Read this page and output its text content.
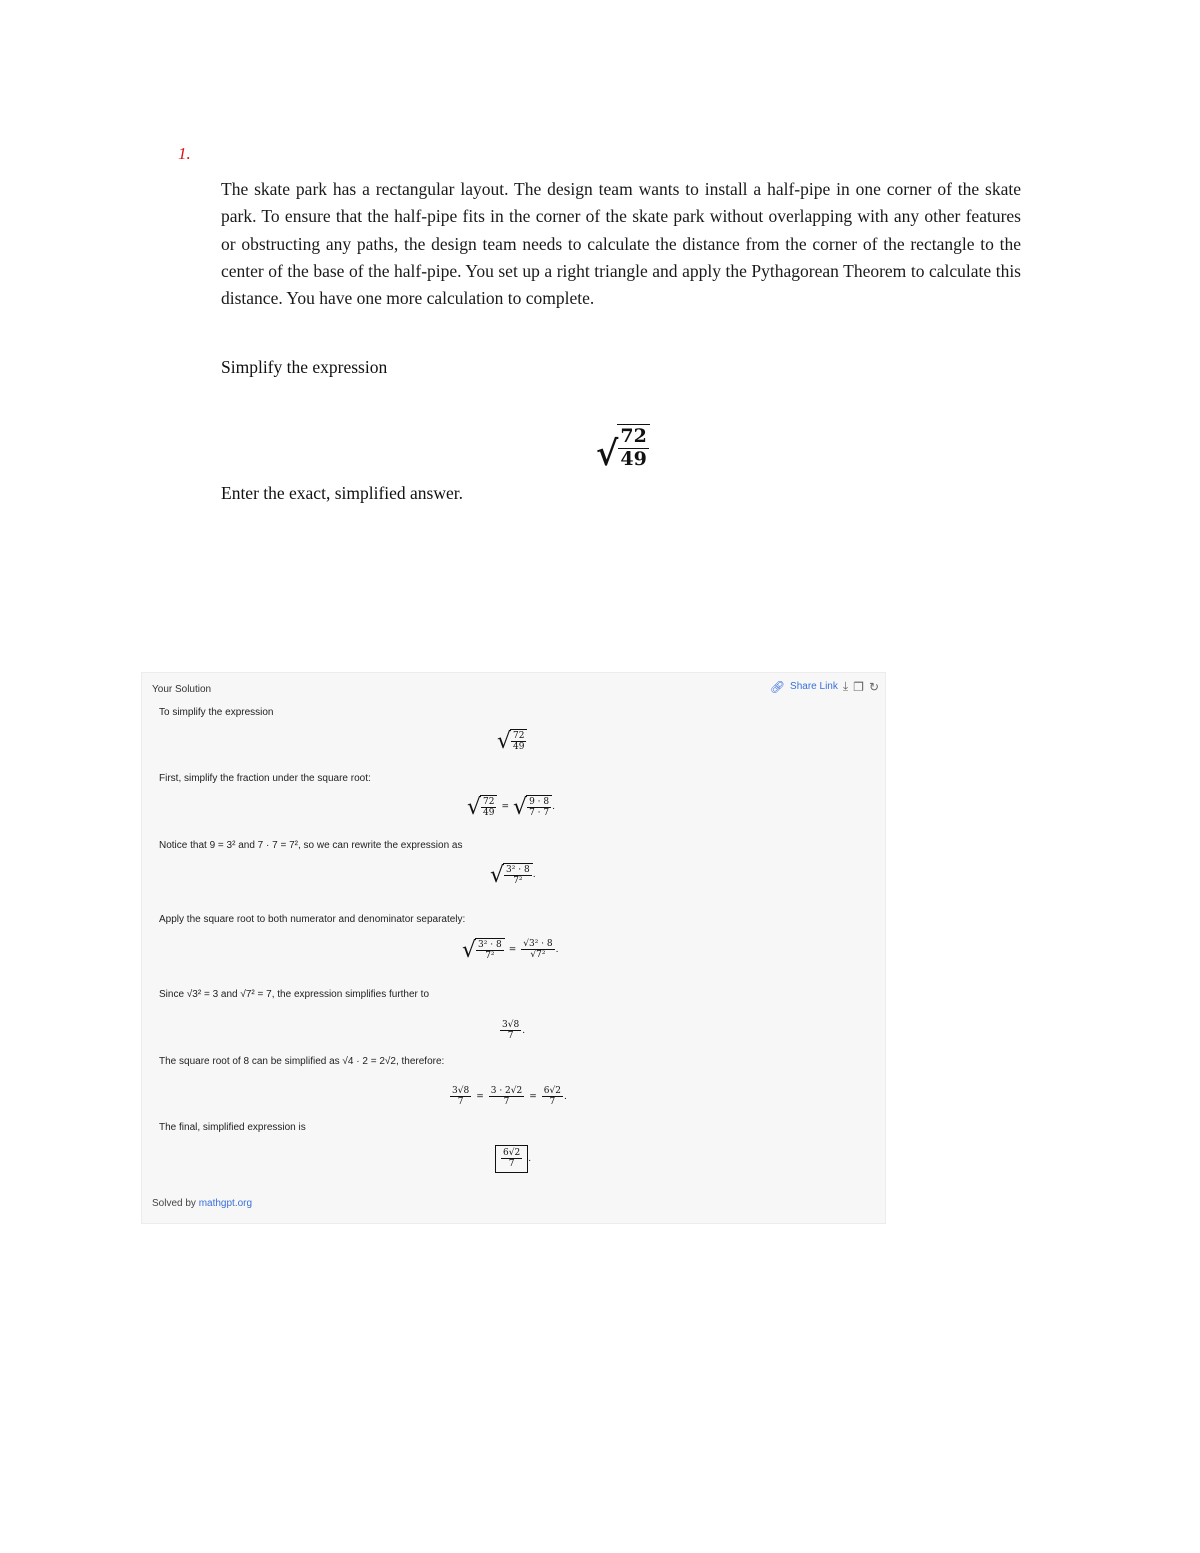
1.
The skate park has a rectangular layout. The design team wants to install a half-pipe in one corner of the skate park. To ensure that the half-pipe fits in the corner of the skate park without overlapping with any other features or obstructing any paths, the design team needs to calculate the distance from the corner of the rectangle to the center of the base of the half-pipe. You set up a right triangle and apply the Pythagorean Theorem to calculate this distance. You have one more calculation to complete.
Simplify the expression
√ $\frac{72}{49}$
Enter the exact, simplified answer.
Your Solution	🔗︎ Share Link ⤓ ❐ ↻
To simplify the expression
√ $\frac{72}{49}$
First, simplify the fraction under the square root:
√ $\frac{72}{49}$ = √ $\frac{9 \cdot 8}{7 \cdot 7}$ .
Notice that 9 = 3² and 7 · 7 = 7², so we can rewrite the expression as
√ $\frac{\text{3² · 8}}{\text{7²}}$ .
Apply the square root to both numerator and denominator separately:
√ $\frac{\text{3² · 8}}{\text{7²}} = \frac{\text{√3² · 8}}{\text{√7²}}$ .
Since √3² = 3 and √7² = 7, the expression simplifies further to
$\frac{3√8}{7}$ .
The square root of 8 can be simplified as √4 · 2 = 2√2, therefore:
$\frac{3√8}{7} = \frac{3 \cdot 2√2}{7} = \frac{6√2}{7}$ .
The final, simplified expression is
$\frac{6√2}{7}$ .
Solved by mathgpt.org
